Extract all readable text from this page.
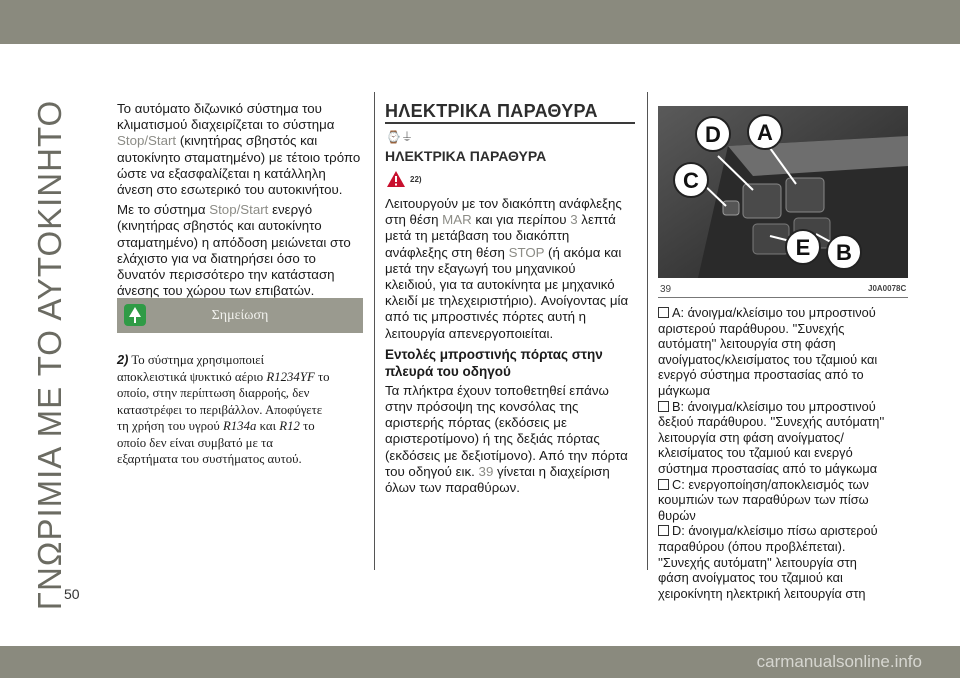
ΓΝΩΡΙΜΙΑ ΜΕ ΤΟ ΑΥΤΟΚΙΝΗΤΟ
50

Το αυτόματο διζωνικό σύστημα του
κλιματισμού διαχειρίζεται το σύστημα
Stop/Start (κινητήρας σβηστός και
αυτοκίνητο σταματημένο) με τέτοιο τρόπο
ώστε να εξασφαλίζεται η κατάλληλη
άνεση στο εσωτερικό του αυτοκινήτου.

Με το σύστημα Stop/Start ενεργό
(κινητήρας σβηστός και αυτοκίνητο
σταματημένο) η απόδοση μειώνεται στο
ελάχιστο για να διατηρήσει όσο το
δυνατόν περισσότερο την κατάσταση
άνεσης του χώρου των επιβατών.

Σημείωση
2) Το σύστημα χρησιμοποιεί
αποκλειστικά ψυκτικό αέριο R1234YF το
οποίο, στην περίπτωση διαρροής, δεν
καταστρέφει το περιβάλλον. Αποφύγετε
τη χρήση του υγρού R134a και R12 το
οποίο δεν είναι συμβατό με τα
εξαρτήματα του συστήματος αυτού.
ΗΛΕΚΤΡΙΚΑ ΠΑΡΑΘΥΡΑ
⌚⏚
ΗΛΕΚΤΡΙΚΑ ΠΑΡΑΘΥΡΑ
22)

Λειτουργούν με τον διακόπτη ανάφλεξης
στη θέση MAR και για περίπου 3 λεπτά
μετά τη μετάβαση του διακόπτη
ανάφλεξης στη θέση STOP (ή ακόμα και
μετά την εξαγωγή του μηχανικού
κλειδιού, για τα αυτοκίνητα με μηχανικό
κλειδί με τηλεχειριστήριο). Ανοίγοντας μία
από τις μπροστινές πόρτες αυτή η
λειτουργία απενεργοποιείται.

Εντολές μπροστινής πόρτας στην
πλευρά του οδηγού

Τα πλήκτρα έχουν τοποθετηθεί επάνω
στην πρόσοψη της κονσόλας της
αριστερής πόρτας (εκδόσεις με
αριστεροτίμονο) ή της δεξιάς πόρτας
(εκδόσεις με δεξιοτίμονο). Από την πόρτα
του οδηγού εικ. 39 γίνεται η διαχείριση
όλων των παραθύρων.

D A
C
E B
39	J0A0078C
A: άνοιγμα/κλείσιμο του μπροστινού
αριστερού παράθυρου. ''Συνεχής
αυτόματη'' λειτουργία στη φάση
ανοίγματος/κλεισίματος του τζαμιού και
ενεργό σύστημα προστασίας από το
μάγκωμα
B: άνοιγμα/κλείσιμο του μπροστινού
δεξιού παράθυρου. ''Συνεχής αυτόματη''
λειτουργία στη φάση ανοίγματος/
κλεισίματος του τζαμιού και ενεργό
σύστημα προστασίας από το μάγκωμα
C: ενεργοποίηση/αποκλεισμός των
κουμπιών των παραθύρων των πίσω
θυρών
D: άνοιγμα/κλείσιμο πίσω αριστερού
παραθύρου (όπου προβλέπεται).
''Συνεχής αυτόματη'' λειτουργία στη
φάση ανοίγματος του τζαμιού και
χειροκίνητη ηλεκτρική λειτουργία στη
carmanualsonline.info
